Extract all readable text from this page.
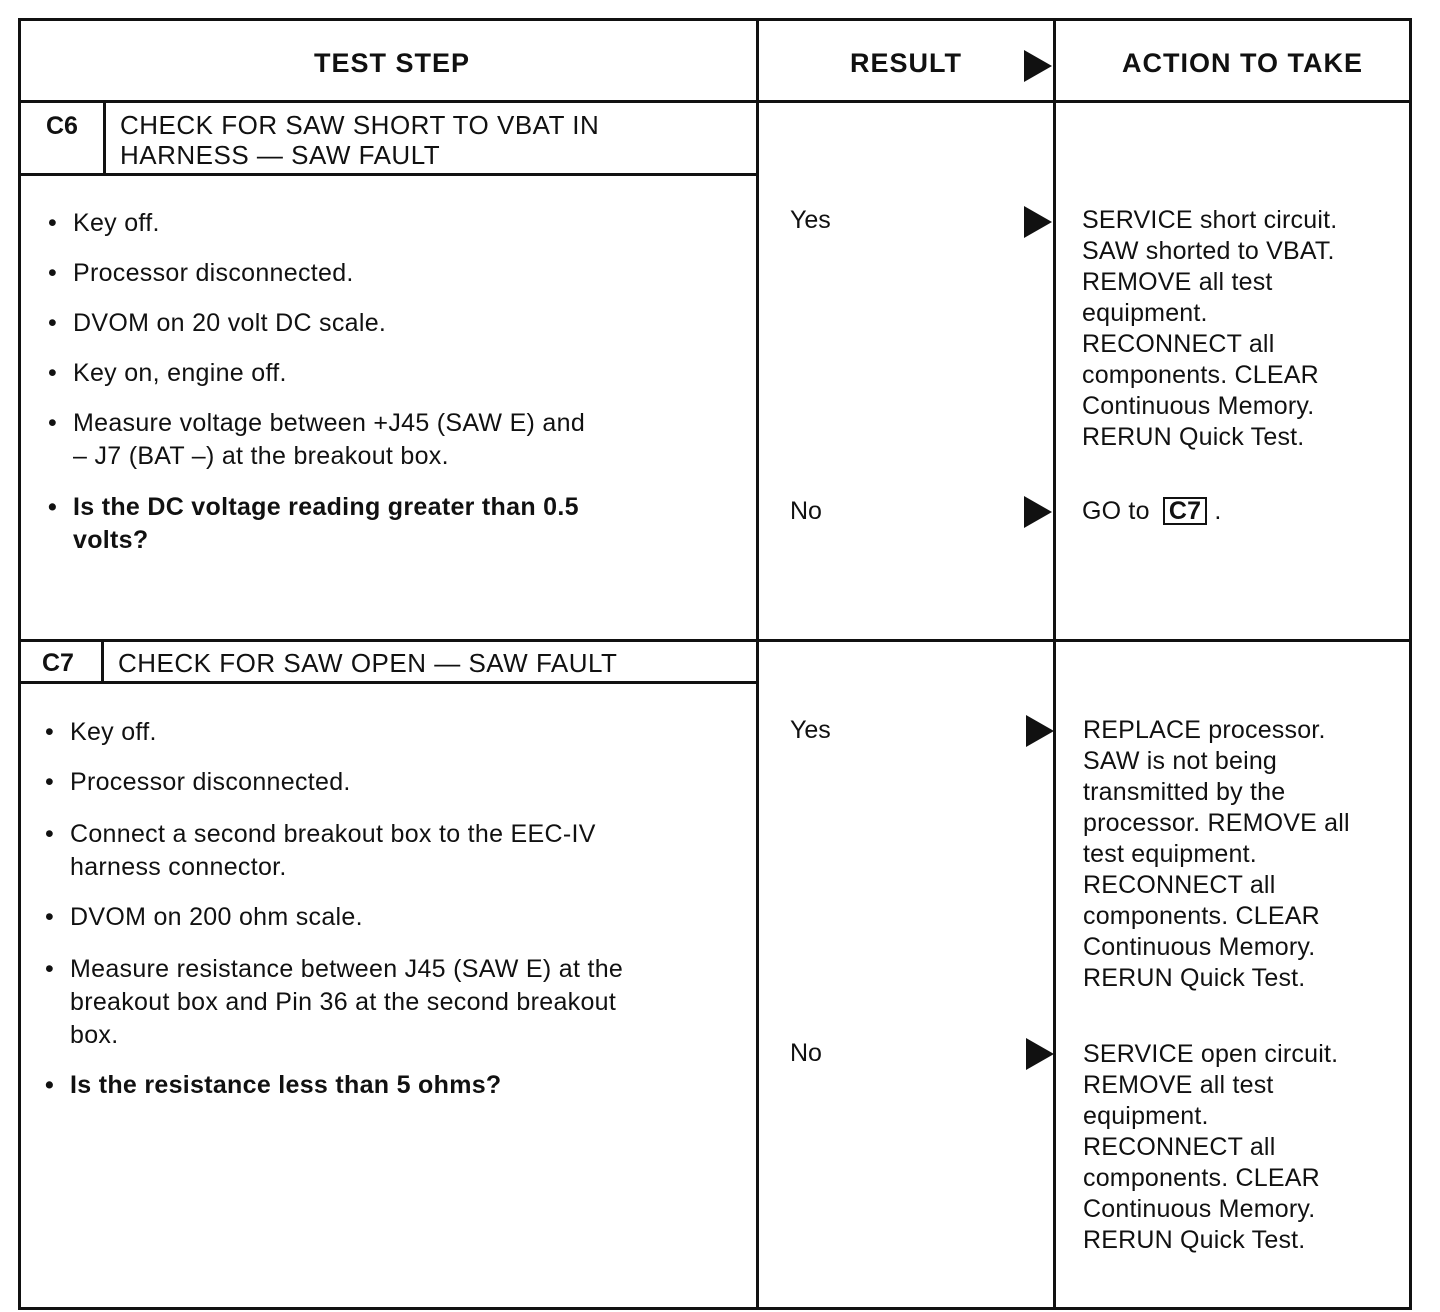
TEST STEP	RESULT	ACTION TO TAKE
C6 CHECK FOR SAW SHORT TO VBAT IN
HARNESS — SAW FAULT
• Key off.
• Processor disconnected.
• DVOM on 20 volt DC scale.
• Key on, engine off.
• Measure voltage between +J45 (SAW E) and
– J7 (BAT –) at the breakout box.
• Is the DC voltage reading greater than 0.5
volts?
Yes	SERVICE short circuit.
SAW shorted to VBAT.
REMOVE all test
equipment.
RECONNECT all
components. CLEAR
Continuous Memory.
RERUN Quick Test.
No	GO to C7 .
C7 CHECK FOR SAW OPEN — SAW FAULT
• Key off.
• Processor disconnected.
• Connect a second breakout box to the EEC-IV
harness connector.
• DVOM on 200 ohm scale.
• Measure resistance between J45 (SAW E) at the
breakout box and Pin 36 at the second breakout
box.
• Is the resistance less than 5 ohms?
Yes	REPLACE processor.
SAW is not being
transmitted by the
processor. REMOVE all
test equipment.
RECONNECT all
components. CLEAR
Continuous Memory.
RERUN Quick Test.
No	SERVICE open circuit.
REMOVE all test
equipment.
RECONNECT all
components. CLEAR
Continuous Memory.
RERUN Quick Test.
